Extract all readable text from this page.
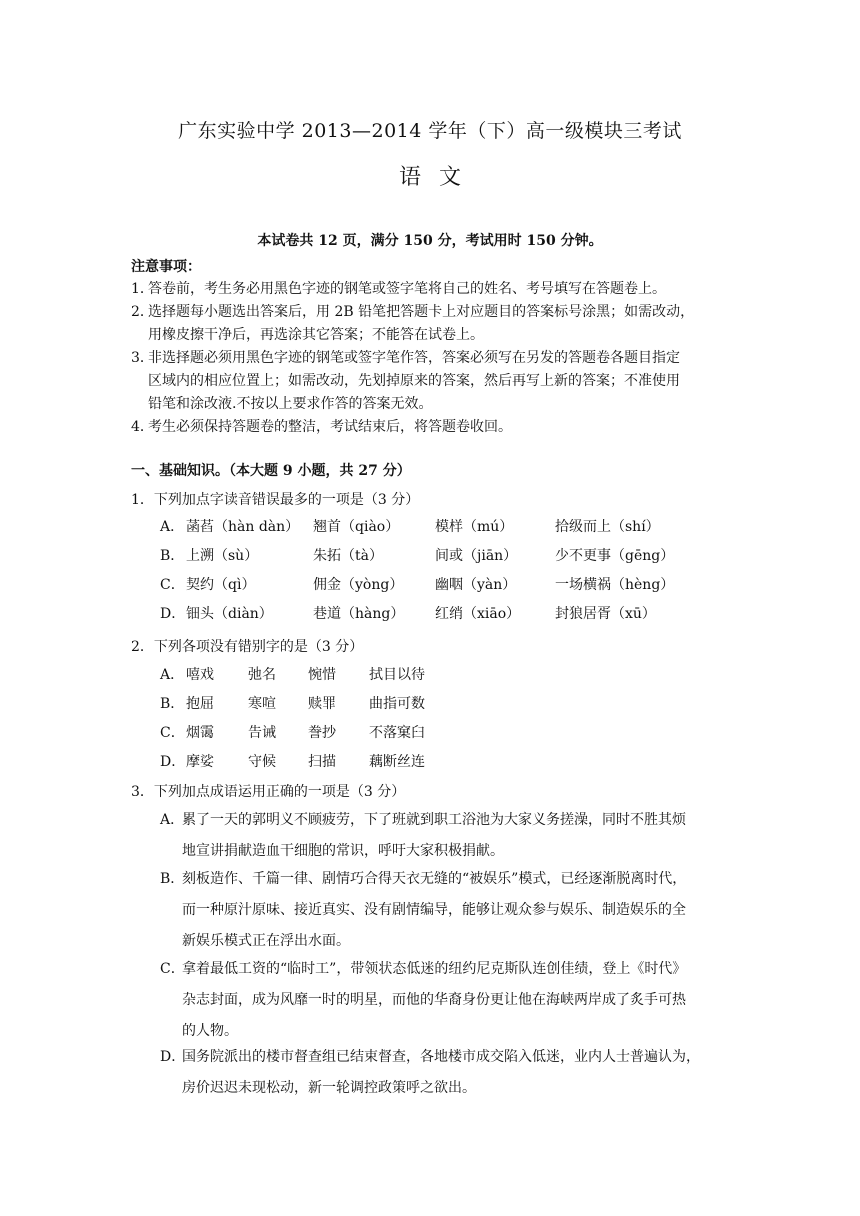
广东实验中学 2013—2014 学年（下）高一级模块三考试
语文
本试卷共 12 页，满分 150 分，考试用时 150 分钟。
注意事项：
1．
答卷前，考生务必用黑色字迹的钢笔或签字笔将自己的姓名、考号填写在答题卷上。
2．
选择题每小题选出答案后，用 2B 铅笔把答题卡上对应题目的答案标号涂黑；如需改动，
用橡皮擦干净后，再选涂其它答案；不能答在试卷上。
3．
非选择题必须用黑色字迹的钢笔或签字笔作答，答案必须写在另发的答题卷各题目指定
区域内的相应位置上；如需改动，先划掉原来的答案，然后再写上新的答案；不准使用
铅笔和涂改液.不按以上要求作答的答案无效。
4．
考生必须保持答题卷的整洁，考试结束后，将答题卷收回。
一、基础知识。（本大题 9 小题，共 27 分）
1．下列加点字读音错误最多的一项是（3 分）
A． 菡萏（hàn dàn） 翘首（qiào）	模样（mú）	拾级而上（shí）
B． 上溯（sù）	朱拓（tà）	间或（jiān）	少不更事（gēng）
C． 契约（qì）	佣金（yòng） 幽咽（yàn）	一场横祸（hèng）
D． 钿头（diàn）	巷道（hàng） 红绡（xiāo） 封狼居胥（xū）
2．下列各项没有错别字的是（3 分）
A． 嘻戏 弛名 惋惜 拭目以待
B． 抱屈 寒喧 赎罪 曲指可数
C． 烟霭 告诫 誊抄 不落窠臼
D． 摩娑 守候 扫描 藕断丝连
3．下列加点成语运用正确的一项是（3 分）
A．
累了一天的郭明义不顾疲劳，下了班就到职工浴池为大家义务搓澡，同时不胜其烦
地宣讲捐献造血干细胞的常识，呼吁大家积极捐献。
B．
刻板造作、千篇一律、剧情巧合得天衣无缝的“被娱乐”模式，已经逐渐脱离时代，
而一种原汁原味、接近真实、没有剧情编导，能够让观众参与娱乐、制造娱乐的全
新娱乐模式正在浮出水面。
C．
拿着最低工资的“临时工”，带领状态低迷的纽约尼克斯队连创佳绩，登上《时代》
杂志封面，成为风靡一时的明星，而他的华裔身份更让他在海峡两岸成了炙手可热
的人物。
D．
国务院派出的楼市督查组已结束督查，各地楼市成交陷入低迷，业内人士普遍认为，
房价迟迟未现松动，新一轮调控政策呼之欲出。
